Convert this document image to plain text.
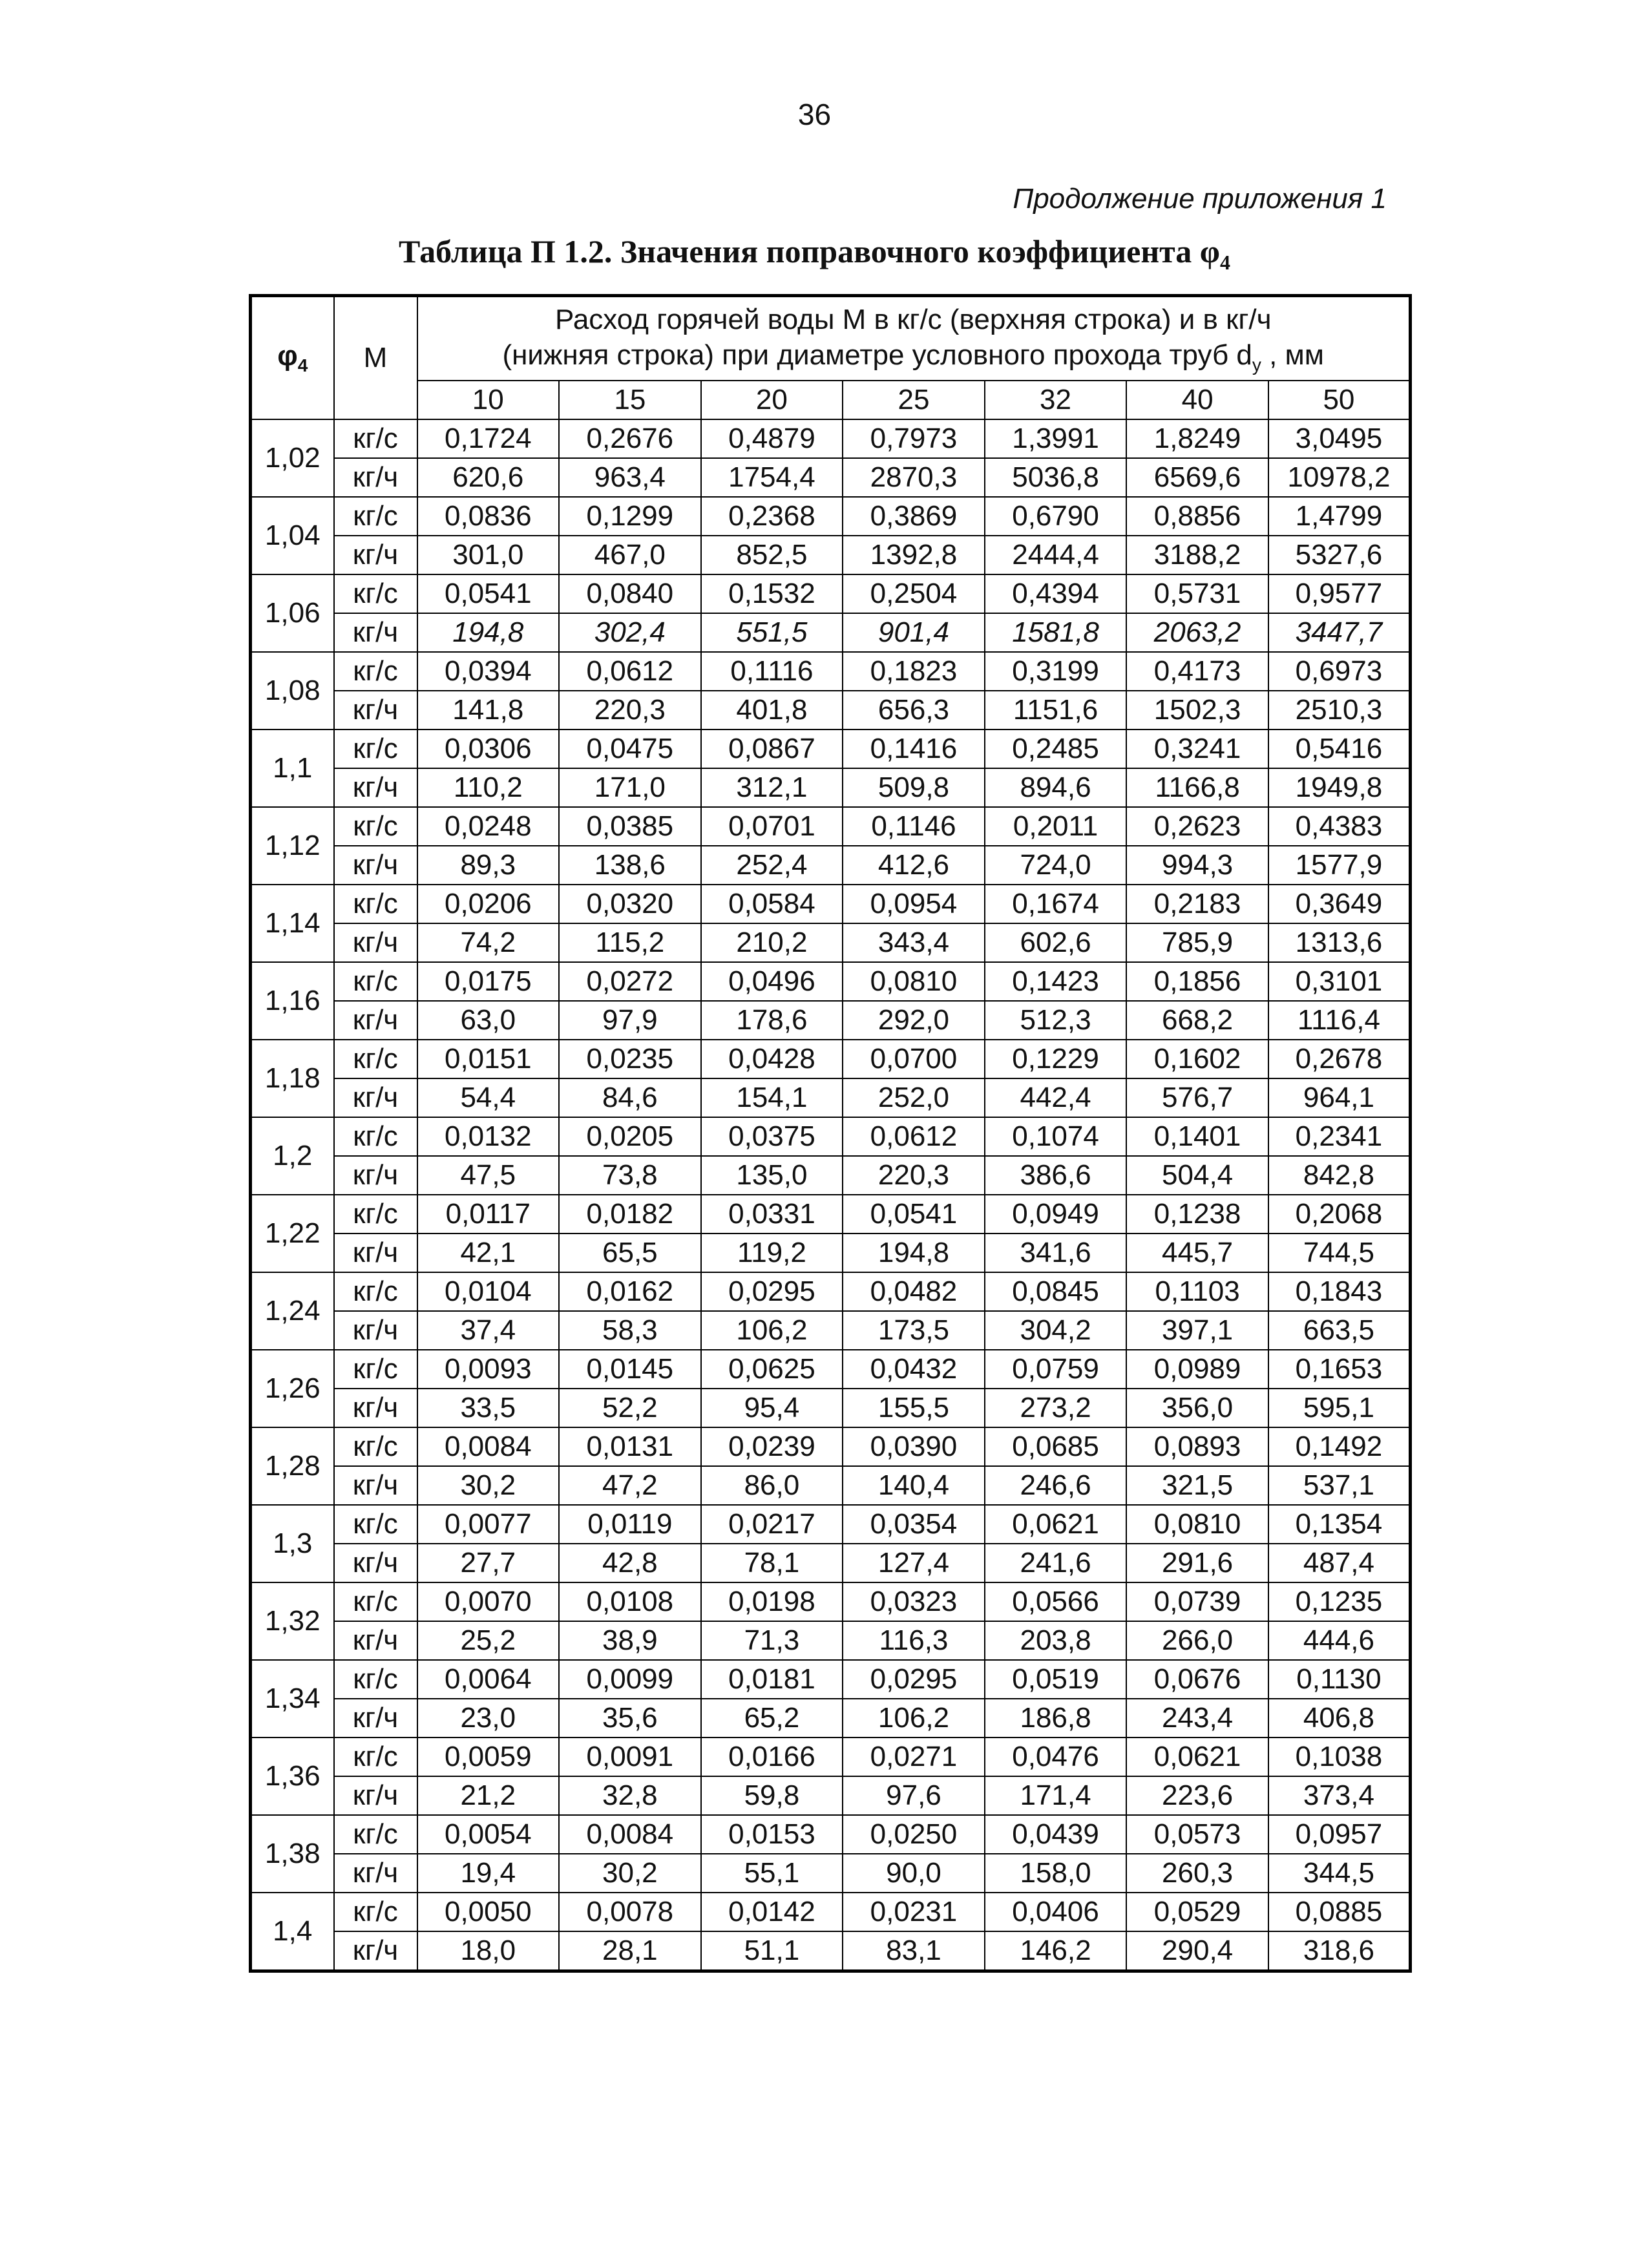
36
Продолжение приложения 1
Таблица П 1.2. Значения поправочного коэффициента $\varphi_4$
$\varphi_4$	M	Расход горячей воды M в кг/с (верхняя строка) и в кг/ч
(нижняя строка) при диаметре условного прохода труб $d_y$ , мм						
		10	15	20	25	32	40	50
1,02	кг/с	0,1724	0,2676	0,4879	0,7973	1,3991	1,8249	3,0495
	кг/ч	620,6	963,4	1754,4	2870,3	5036,8	6569,6	10978,2
1,04	кг/с	0,0836	0,1299	0,2368	0,3869	0,6790	0,8856	1,4799
	кг/ч	301,0	467,0	852,5	1392,8	2444,4	3188,2	5327,6
1,06	кг/с	0,0541	0,0840	0,1532	0,2504	0,4394	0,5731	0,9577
	кг/ч	194,8	302,4	551,5	901,4	1581,8	2063,2	3447,7
1,08	кг/с	0,0394	0,0612	0,1116	0,1823	0,3199	0,4173	0,6973
	кг/ч	141,8	220,3	401,8	656,3	1151,6	1502,3	2510,3
1,1	кг/с	0,0306	0,0475	0,0867	0,1416	0,2485	0,3241	0,5416
	кг/ч	110,2	171,0	312,1	509,8	894,6	1166,8	1949,8
1,12	кг/с	0,0248	0,0385	0,0701	0,1146	0,2011	0,2623	0,4383
	кг/ч	89,3	138,6	252,4	412,6	724,0	994,3	1577,9
1,14	кг/с	0,0206	0,0320	0,0584	0,0954	0,1674	0,2183	0,3649
	кг/ч	74,2	115,2	210,2	343,4	602,6	785,9	1313,6
1,16	кг/с	0,0175	0,0272	0,0496	0,0810	0,1423	0,1856	0,3101
	кг/ч	63,0	97,9	178,6	292,0	512,3	668,2	1116,4
1,18	кг/с	0,0151	0,0235	0,0428	0,0700	0,1229	0,1602	0,2678
	кг/ч	54,4	84,6	154,1	252,0	442,4	576,7	964,1
1,2	кг/с	0,0132	0,0205	0,0375	0,0612	0,1074	0,1401	0,2341
	кг/ч	47,5	73,8	135,0	220,3	386,6	504,4	842,8
1,22	кг/с	0,0117	0,0182	0,0331	0,0541	0,0949	0,1238	0,2068
	кг/ч	42,1	65,5	119,2	194,8	341,6	445,7	744,5
1,24	кг/с	0,0104	0,0162	0,0295	0,0482	0,0845	0,1103	0,1843
	кг/ч	37,4	58,3	106,2	173,5	304,2	397,1	663,5
1,26	кг/с	0,0093	0,0145	0,0625	0,0432	0,0759	0,0989	0,1653
	кг/ч	33,5	52,2	95,4	155,5	273,2	356,0	595,1
1,28	кг/с	0,0084	0,0131	0,0239	0,0390	0,0685	0,0893	0,1492
	кг/ч	30,2	47,2	86,0	140,4	246,6	321,5	537,1
1,3	кг/с	0,0077	0,0119	0,0217	0,0354	0,0621	0,0810	0,1354
	кг/ч	27,7	42,8	78,1	127,4	241,6	291,6	487,4
1,32	кг/с	0,0070	0,0108	0,0198	0,0323	0,0566	0,0739	0,1235
	кг/ч	25,2	38,9	71,3	116,3	203,8	266,0	444,6
1,34	кг/с	0,0064	0,0099	0,0181	0,0295	0,0519	0,0676	0,1130
	кг/ч	23,0	35,6	65,2	106,2	186,8	243,4	406,8
1,36	кг/с	0,0059	0,0091	0,0166	0,0271	0,0476	0,0621	0,1038
	кг/ч	21,2	32,8	59,8	97,6	171,4	223,6	373,4
1,38	кг/с	0,0054	0,0084	0,0153	0,0250	0,0439	0,0573	0,0957
	кг/ч	19,4	30,2	55,1	90,0	158,0	260,3	344,5
1,4	кг/с	0,0050	0,0078	0,0142	0,0231	0,0406	0,0529	0,0885
	кг/ч	18,0	28,1	51,1	83,1	146,2	290,4	318,6
